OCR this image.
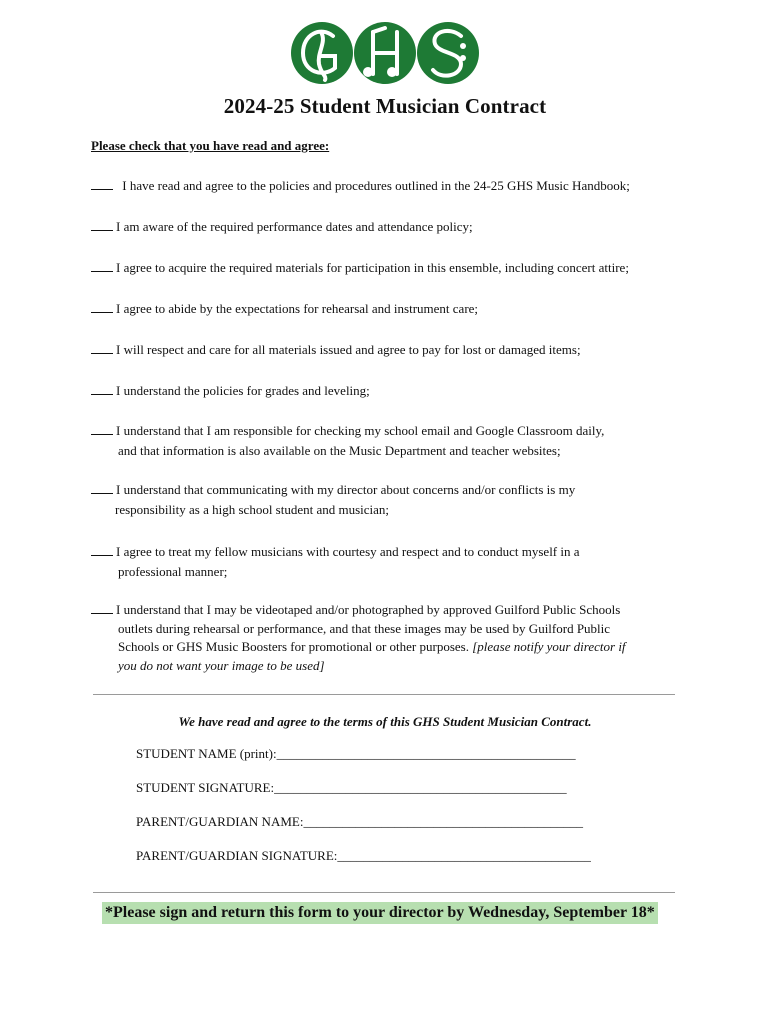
2024-25 Student Musician Contract
Please check that you have read and agree:
I have read and agree to the policies and procedures outlined in the 24-25 GHS Music Handbook;
I am aware of the required performance dates and attendance policy;
I agree to acquire the required materials for participation in this ensemble, including concert attire;
I agree to abide by the expectations for rehearsal and instrument care;
I will respect and care for all materials issued and agree to pay for lost or damaged items;
I understand the policies for grades and leveling;
I understand that I am responsible for checking my school email and Google Classroom daily,
and that information is also available on the Music Department and teacher websites;
I understand that communicating with my director about concerns and/or conflicts is my
responsibility as a high school student and musician;
I agree to treat my fellow musicians with courtesy and respect and to conduct myself in a
professional manner;
I understand that I may be videotaped and/or photographed by approved Guilford Public Schools
outlets during rehearsal or performance, and that these images may be used by Guilford Public
Schools or GHS Music Boosters for promotional or other purposes. [please notify your director if
you do not want your image to be used]
We have read and agree to the terms of this GHS Student Musician Contract.
STUDENT NAME (print):______________________________________________
STUDENT SIGNATURE:_____________________________________________
PARENT/GUARDIAN NAME:___________________________________________
PARENT/GUARDIAN SIGNATURE:_______________________________________
*Please sign and return this form to your director by Wednesday, September 18*
